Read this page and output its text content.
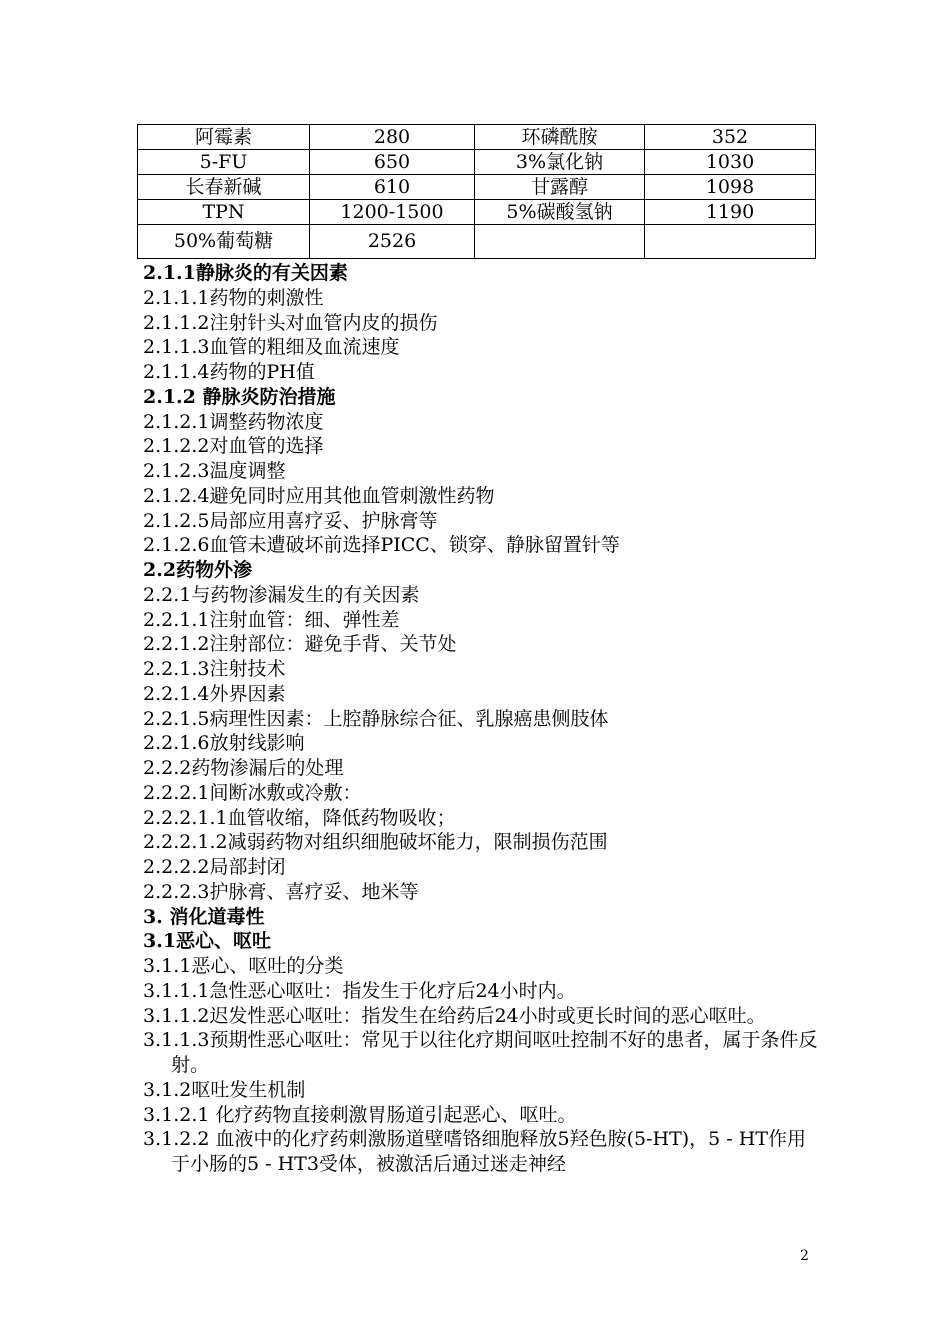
阿霉素	280	环磷酰胺	352
5-FU	650	3%氯化钠	1030
长春新碱	610	甘露醇	1098
TPN	1200-1500	5%碳酸氢钠	1190
50%葡萄糖	2526		
2.1.1静脉炎的有关因素
2.1.1.1药物的刺激性
2.1.1.2注射针头对血管内皮的损伤
2.1.1.3血管的粗细及血流速度
2.1.1.4药物的PH值
2.1.2 静脉炎防治措施
2.1.2.1调整药物浓度
2.1.2.2对血管的选择
2.1.2.3温度调整
2.1.2.4避免同时应用其他血管刺激性药物
2.1.2.5局部应用喜疗妥、护脉膏等
2.1.2.6血管未遭破坏前选择PICC、锁穿、静脉留置针等
2.2药物外渗
2.2.1与药物渗漏发生的有关因素
2.2.1.1注射血管：细、弹性差
2.2.1.2注射部位：避免手背、关节处
2.2.1.3注射技术
2.2.1.4外界因素
2.2.1.5病理性因素：上腔静脉综合征、乳腺癌患侧肢体
2.2.1.6放射线影响
2.2.2药物渗漏后的处理
2.2.2.1间断冰敷或冷敷：
2.2.2.1.1血管收缩，降低药物吸收；
2.2.2.1.2减弱药物对组织细胞破坏能力，限制损伤范围
2.2.2.2局部封闭
2.2.2.3护脉膏、喜疗妥、地米等
3. 消化道毒性
3.1恶心、呕吐
3.1.1恶心、呕吐的分类
3.1.1.1急性恶心呕吐：指发生于化疗后24小时内。
3.1.1.2迟发性恶心呕吐：指发生在给药后24小时或更长时间的恶心呕吐。
3.1.1.3预期性恶心呕吐：常见于以往化疗期间呕吐控制不好的患者，属于条件反射。
3.1.2呕吐发生机制
3.1.2.1 化疗药物直接刺激胃肠道引起恶心、呕吐。
3.1.2.2 血液中的化疗药刺激肠道壁嗜铬细胞释放5羟色胺(5-HT)，5 - HT作用于小肠的5 - HT3受体，被激活后通过迷走神经
2
